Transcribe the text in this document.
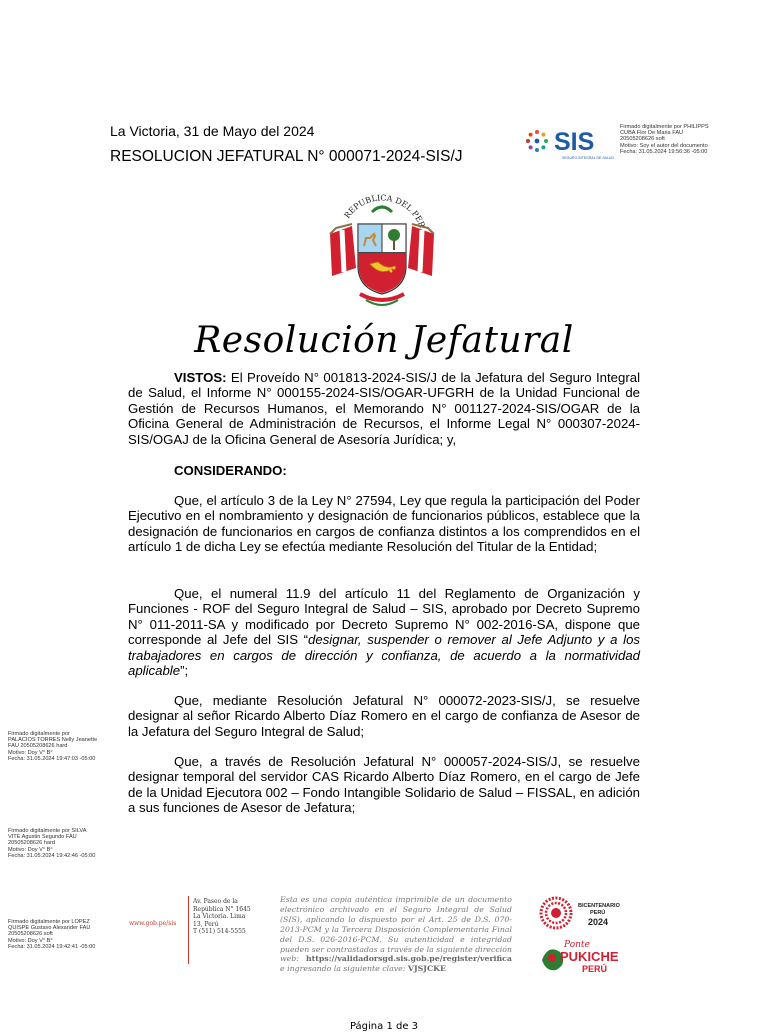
La Victoria, 31 de Mayo del 2024
RESOLUCION JEFATURAL N° 000071-2024-SIS/J
SIS
SEGURO INTEGRAL DE SALUD
Firmado digitalmente por PHILIPPS
CUBA Flor De Maria FAU
20505208626 soft
Motivo: Soy el autor del documento
Fecha: 31.05.2024 19:56:36 -05:00
REPUBLICA DEL PER
Resolución Jefatural
VISTOS: El Proveído N° 001813-2024-SIS/J de la Jefatura del Seguro Integral de Salud, el Informe N° 000155-2024-SIS/OGAR-UFGRH de la Unidad Funcional de Gestión de Recursos Humanos, el Memorando N° 001127-2024-SIS/OGAR de la Oficina General de Administración de Recursos, el Informe Legal N° 000307-2024-SIS/OGAJ de la Oficina General de Asesoría Jurídica; y,
CONSIDERANDO:
Que, el artículo 3 de la Ley N° 27594, Ley que regula la participación del Poder Ejecutivo en el nombramiento y designación de funcionarios públicos, establece que la designación de funcionarios en cargos de confianza distintos a los comprendidos en el artículo 1 de dicha Ley se efectúa mediante Resolución del Titular de la Entidad;
Que, el numeral 11.9 del artículo 11 del Reglamento de Organización y Funciones - ROF del Seguro Integral de Salud – SIS, aprobado por Decreto Supremo N° 011-2011-SA y modificado por Decreto Supremo N° 002-2016-SA, dispone que corresponde al Jefe del SIS “designar, suspender o remover al Jefe Adjunto y a los trabajadores en cargos de dirección y confianza, de acuerdo a la normatividad aplicable”;
Que, mediante Resolución Jefatural N° 000072-2023-SIS/J, se resuelve designar al señor Ricardo Alberto Díaz Romero en el cargo de confianza de Asesor de la Jefatura del Seguro Integral de Salud;
Que, a través de Resolución Jefatural N° 000057-2024-SIS/J, se resuelve designar temporal del servidor CAS Ricardo Alberto Díaz Romero, en el cargo de Jefe de la Unidad Ejecutora 002 – Fondo Intangible Solidario de Salud – FISSAL, en adición a sus funciones de Asesor de Jefatura;
Firmado digitalmente por
PALACIOS TORRES Nelly Jeanette
FAU 20505208626 hard
Motivo: Doy V° B°
Fecha: 31.05.2024 19:47:03 -05:00
Firmado digitalmente por SILVA
VITE Agustin Segundo FAU
20505208626 hard
Motivo: Doy V° B°
Fecha: 31.05.2024 19:42:46 -05:00
Firmado digitalmente por LOPEZ
QUISPE Gustavo Alexander FAU
20505208626 soft
Motivo: Doy V° B°
Fecha: 31.05.2024 19:42:41 -05:00
www.gob.pe/sis
Av. Paseo de la
República N° 1645
La Victoria. Lima
13, Perú
T (511) 514-5555
Esta es una copia auténtica imprimible de un documento electrónico archivado en el Seguro Integral de Salud (SIS), aplicando lo dispuesto por el Art. 25 de D.S. 070-2013-PCM y la Tercera Disposición Complementaria Final del D.S. 026-2016-PCM. Su autenticidad e integridad pueden ser contrastadas a través de la siguiente dirección web: https://validadorsgd.sis.gob.pe/register/verifica e ingresando la siguiente clave: VJSJCKE
BICENTENARIO
PERÚ
2024
Ponte
PUKICHE
PERÚ
Página 1 de 3
